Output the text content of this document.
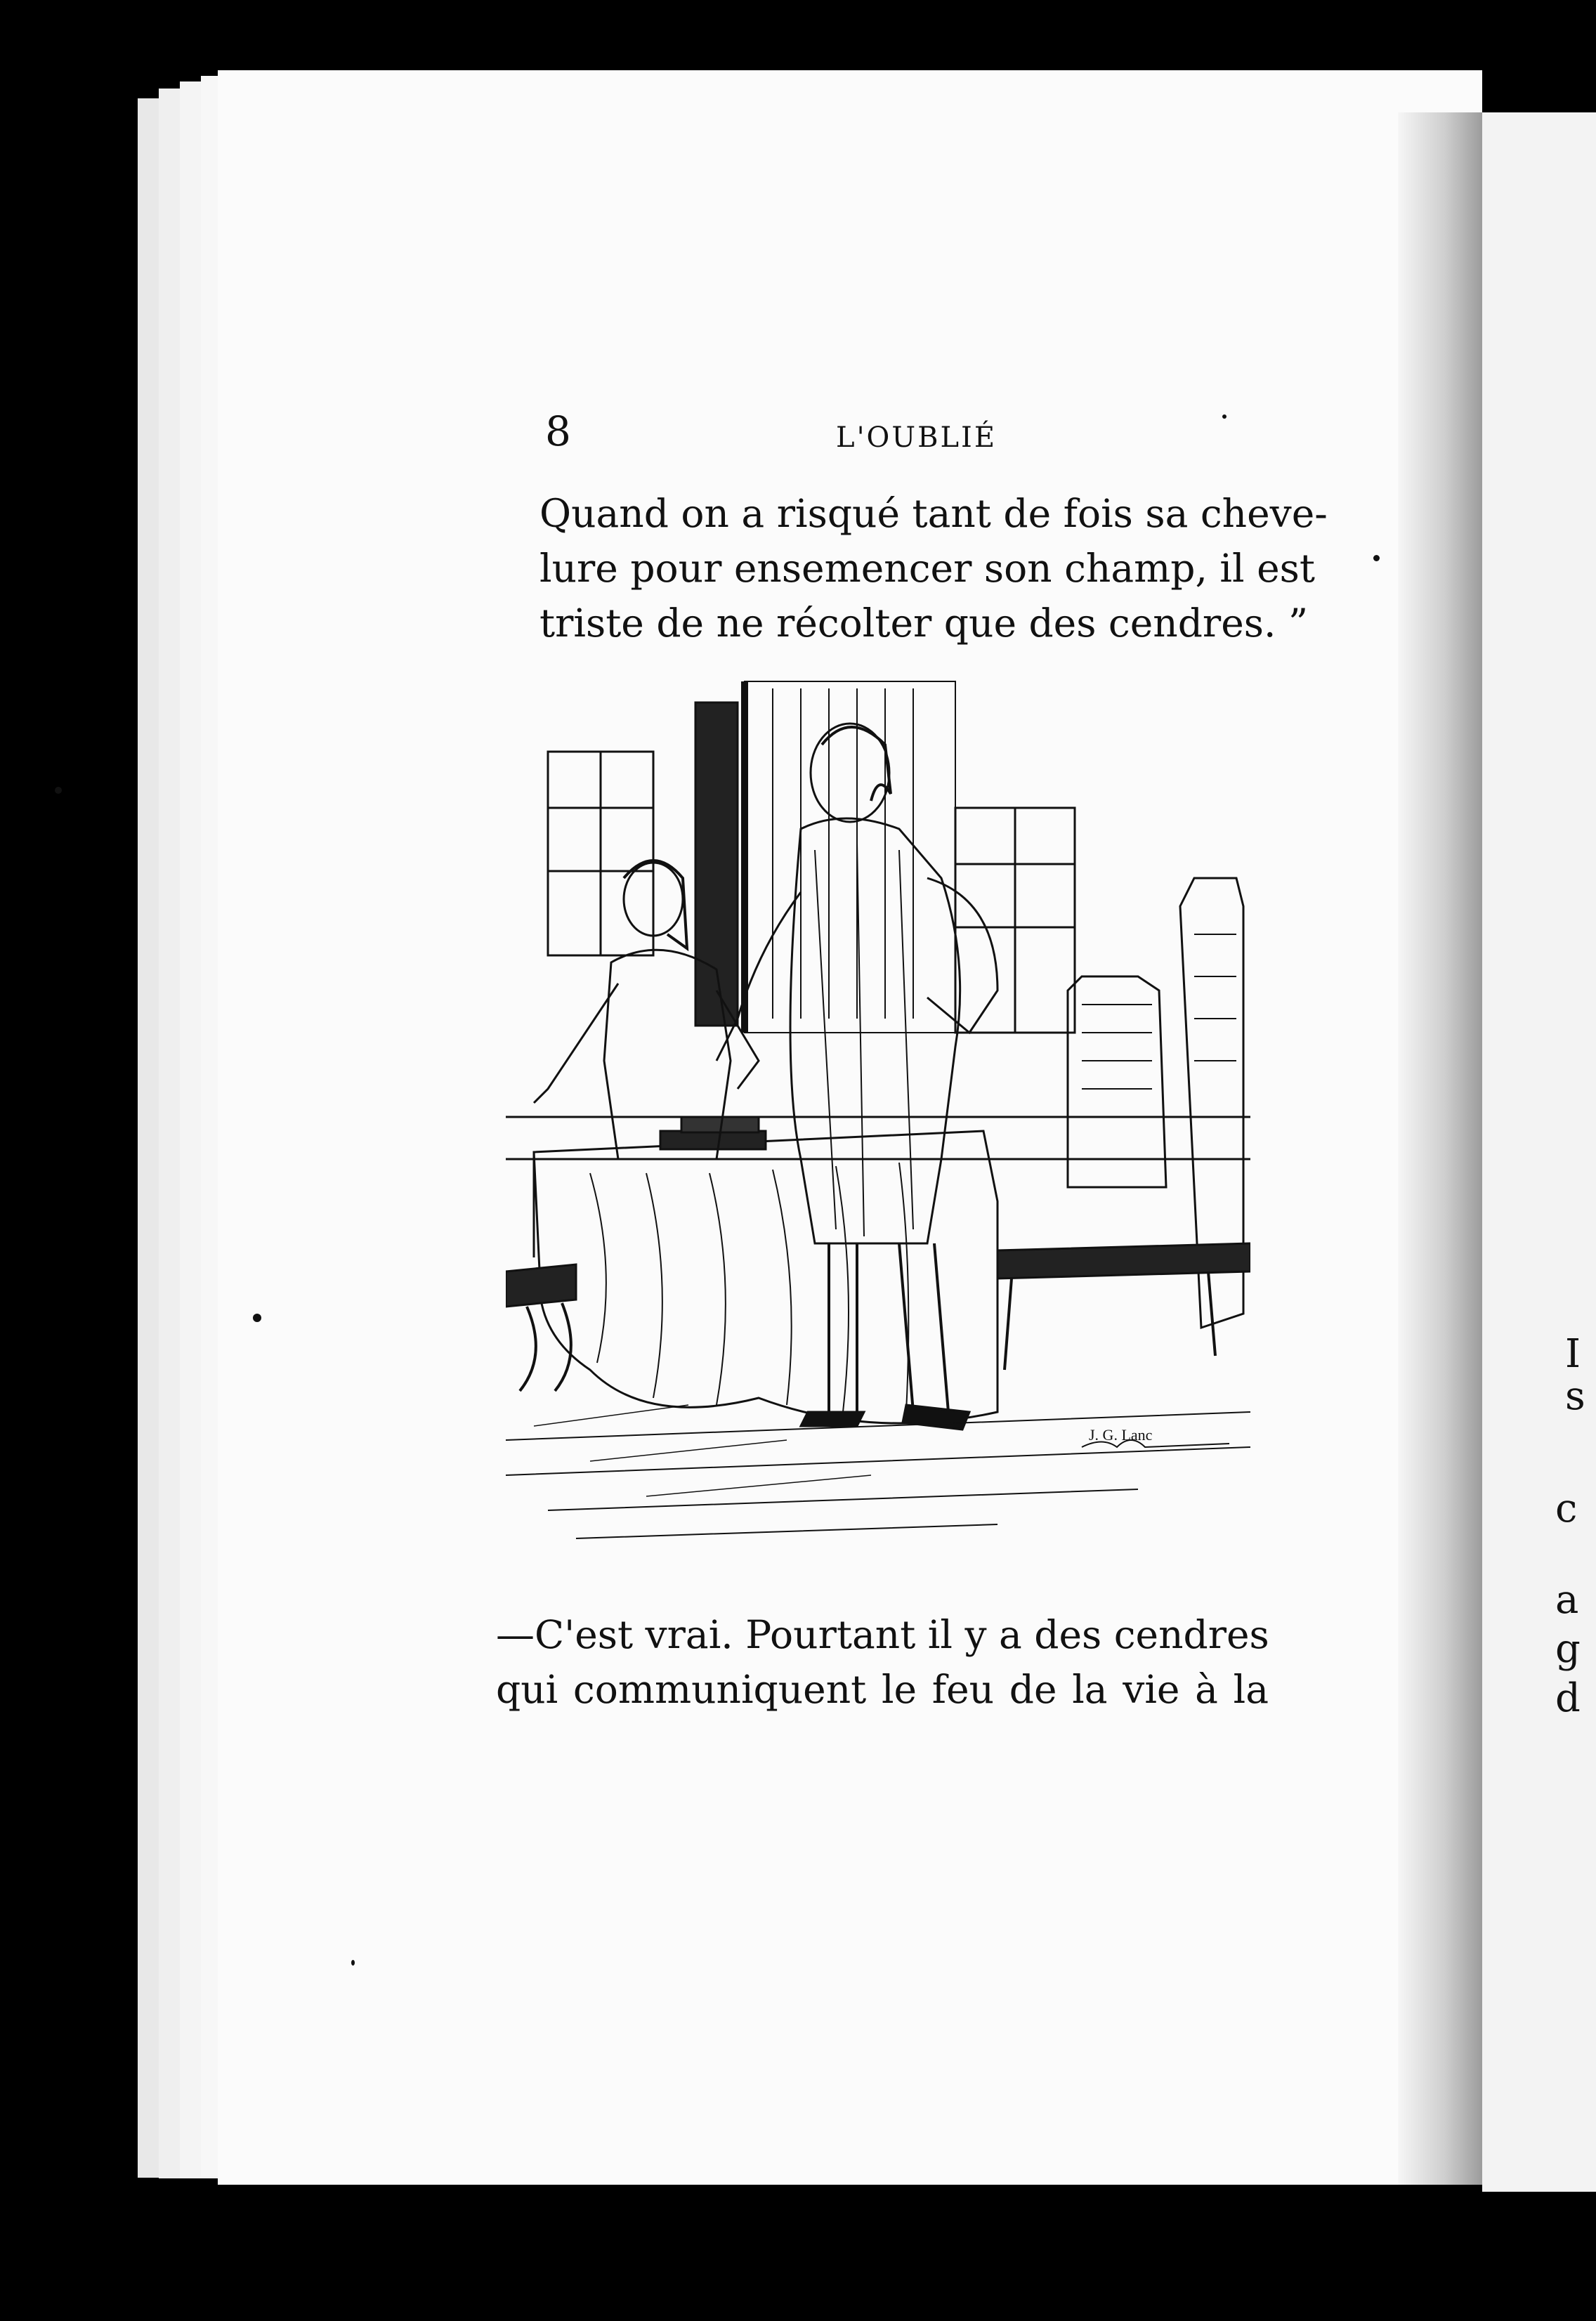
I
s
c
a
g
d
8	L'OUBLIÉ
Quand on a risqué tant de fois sa cheve-
lure pour ensemencer son champ, il est
triste de ne récolter que des cendres. ”
J. G. Lanc
—C'est vrai. Pourtant il y a des cendres
qui communiquent le feu de la vie à la
